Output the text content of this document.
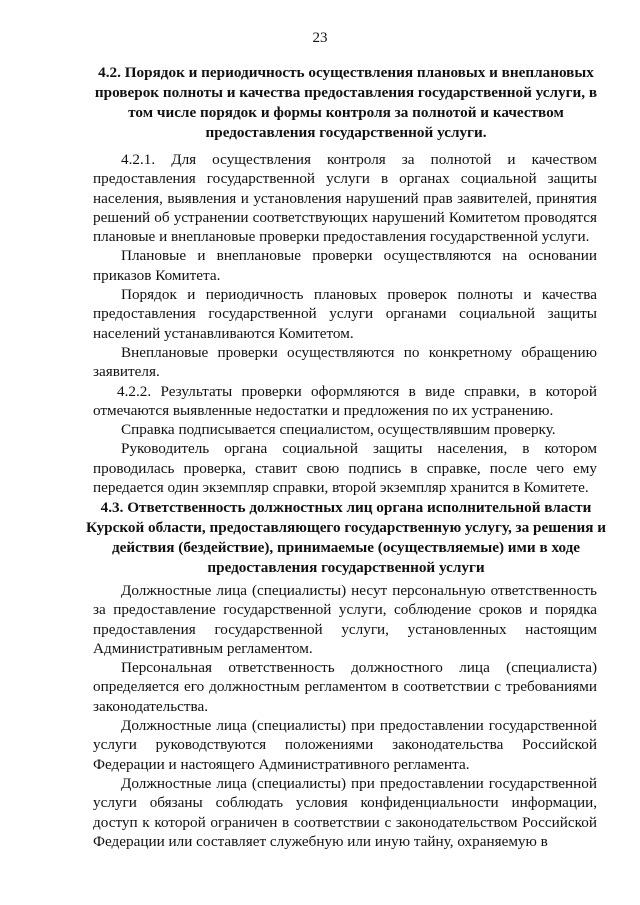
23
4.2. Порядок и периодичность осуществления плановых и внеплановых проверок полноты и качества предоставления государственной услуги, в том числе порядок и формы контроля за полнотой и качеством предоставления государственной услуги.

4.2.1. Для осуществления контроля за полнотой и качеством предоставления государственной услуги в органах социальной защиты населения, выявления и установления нарушений прав заявителей, принятия решений об устранении соответствующих нарушений Комитетом проводятся плановые и внеплановые проверки предоставления государственной услуги.

Плановые и внеплановые проверки осуществляются на основании приказов Комитета.

Порядок и периодичность плановых проверок полноты и качества предоставления государственной услуги органами социальной защиты населений устанавливаются Комитетом.

Внеплановые проверки осуществляются по конкретному обращению заявителя.

4.2.2. Результаты проверки оформляются в виде справки, в которой отмечаются выявленные недостатки и предложения по их устранению.

Справка подписывается специалистом, осуществлявшим проверку.

Руководитель органа социальной защиты населения, в котором проводилась проверка, ставит свою подпись в справке, после чего ему передается один экземпляр справки, второй экземпляр хранится в Комитете.

4.3. Ответственность должностных лиц органа исполнительной власти Курской области, предоставляющего государственную услугу, за решения и действия (бездействие), принимаемые (осуществляемые) ими в ходе предоставления государственной услуги

Должностные лица (специалисты) несут персональную ответственность за предоставление государственной услуги, соблюдение сроков и порядка предоставления государственной услуги, установленных настоящим Административным регламентом.

Персональная ответственность должностного лица (специалиста) определяется его должностным регламентом в соответствии с требованиями законодательства.

Должностные лица (специалисты) при предоставлении государственной услуги руководствуются положениями законодательства Российской Федерации и настоящего Административного регламента.

Должностные лица (специалисты) при предоставлении государственной услуги обязаны соблюдать условия конфиденциальности информации, доступ к которой ограничен в соответствии с законодательством Российской Федерации или составляет служебную или иную тайну, охраняемую в
